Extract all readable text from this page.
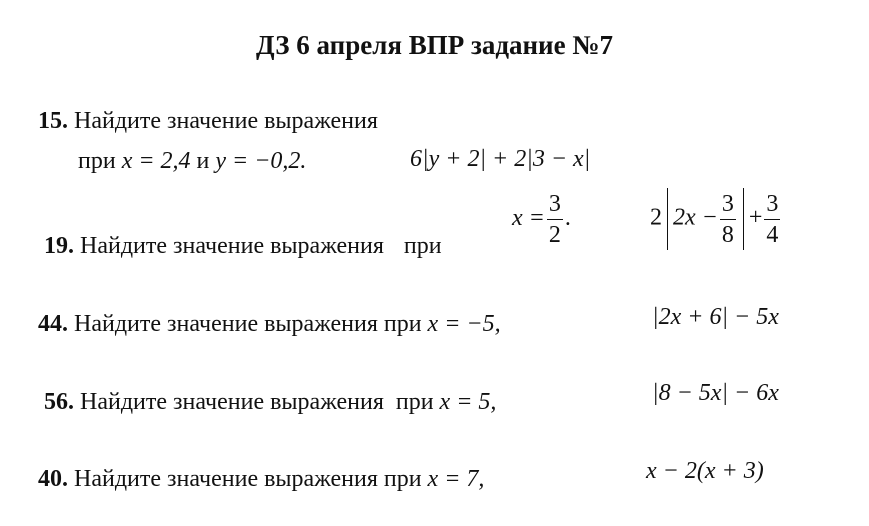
ДЗ 6 апреля ВПР задание №7
15. Найдите значение выражения
при x = 2,4 и y = −0,2.	6|y + 2| + 2|3 − x|
19. Найдите значение выражения при
$x = \frac{3}{2}$ .	2 $2x - \frac{3}{8} + \frac{3}{4}$
44. Найдите значение выражения при x = −5,	|2x + 6| − 5x
56. Найдите значение выражения  при x = 5,	|8 − 5x| − 6x
40. Найдите значение выражения при x = 7,	x − 2(x + 3)
